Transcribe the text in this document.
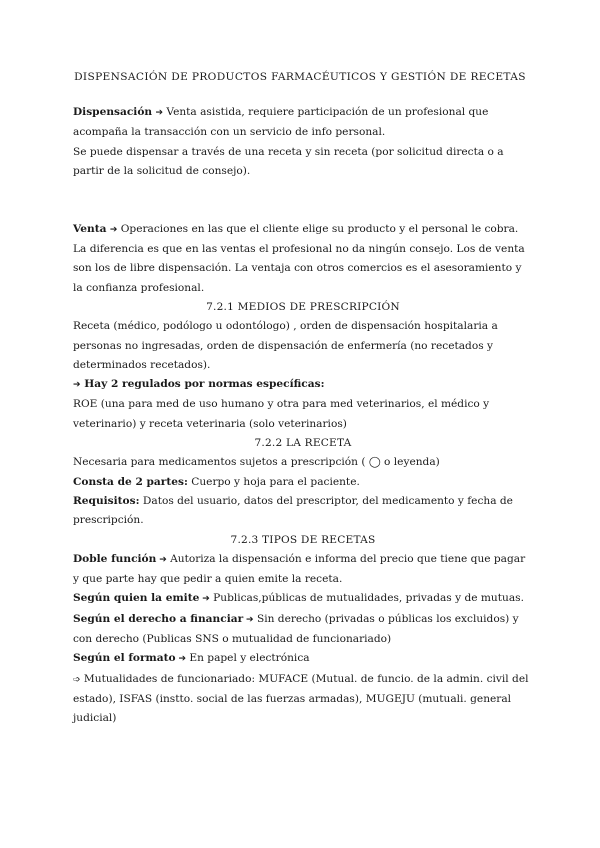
DISPENSACIÓN DE PRODUCTOS FARMACÉUTICOS Y GESTIÓN DE RECETAS

Dispensación ➔ Venta asistida, requiere participación de un profesional que acompaña la transacción con un servicio de info personal.

Se puede dispensar a través de una receta y sin receta (por solicitud directa o a partir de la solicitud de consejo).

Venta ➔ Operaciones en las que el cliente elige su producto y el personal le cobra.

La diferencia es que en las ventas el profesional no da ningún consejo. Los de venta son los de libre dispensación. La ventaja con otros comercios es el asesoramiento y la confianza profesional.

7.2.1 MEDIOS DE PRESCRIPCIÓN

Receta (médico, podólogo u odontólogo) , orden de dispensación hospitalaria a personas no ingresadas, orden de dispensación de enfermería (no recetados y determinados recetados).

➔ Hay 2 regulados por normas específicas:

ROE (una para med de uso humano y otra para med veterinarios, el médico y veterinario) y receta veterinaria (solo veterinarios)

7.2.2 LA RECETA

Necesaria para medicamentos sujetos a prescripción ( ◯ o leyenda)

Consta de 2 partes: Cuerpo y hoja para el paciente.

Requisitos: Datos del usuario, datos del prescriptor, del medicamento y fecha de prescripción.

7.2.3 TIPOS DE RECETAS

Doble función ➔ Autoriza la dispensación e informa del precio que tiene que pagar y que parte hay que pedir a quien emite la receta.

Según quien la emite ➔ Publicas,públicas de mutualidades, privadas y de mutuas.

Según el derecho a financiar ➔ Sin derecho (privadas o públicas los excluidos) y con derecho (Publicas SNS o mutualidad de funcionariado)

Según el formato ➔ En papel y electrónica

➩ Mutualidades de funcionariado: MUFACE (Mutual. de funcio. de la admin. civil del estado), ISFAS (instto. social de las fuerzas armadas), MUGEJU (mutuali. general judicial)
